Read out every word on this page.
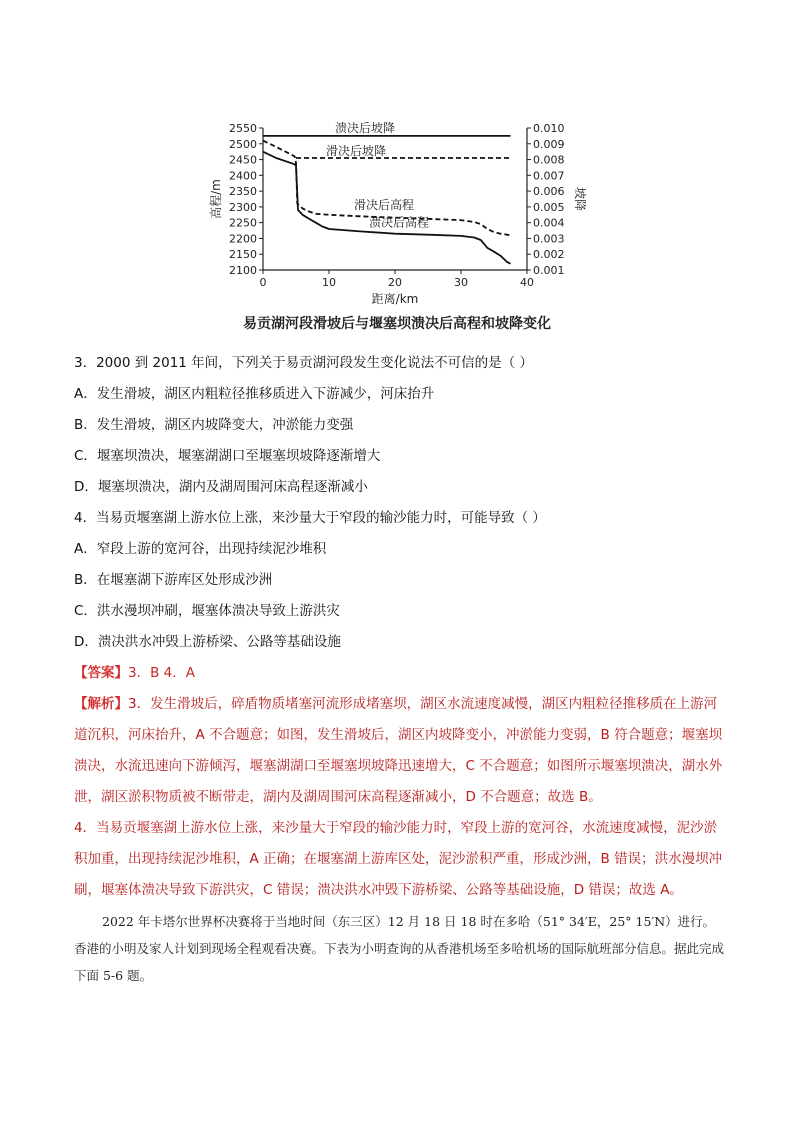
2100
2150
2200
2250
2300
2350
2400
2450
2500
2550
0.001
0.002
0.003
0.004
0.005
0.006
0.007
0.008
0.009
0.010
0	10	20	30	40
距离/km
高程/m	坡降
溃决后坡降
滑决后坡降
滑决后高程
溃决后高程
易贡湖河段滑坡后与堰塞坝溃决后高程和坡降变化
3．2000 到 2011 年间，下列关于易贡湖河段发生变化说法不可信的是（ ）
A．发生滑坡，湖区内粗粒径推移质进入下游减少，河床抬升
B．发生滑坡，湖区内坡降变大，冲淤能力变强
C．堰塞坝溃决，堰塞湖湖口至堰塞坝坡降逐渐增大
D．堰塞坝溃决，湖内及湖周围河床高程逐渐减小
4．当易贡堰塞湖上游水位上涨，来沙量大于窄段的输沙能力时，可能导致（ ）
A．窄段上游的宽河谷，出现持续泥沙堆积
B．在堰塞湖下游库区处形成沙洲
C．洪水漫坝冲刷，堰塞体溃决导致上游洪灾
D．溃决洪水冲毁上游桥梁、公路等基础设施
【答案】3．B 4．A
【解析】3．发生滑坡后，碎盾物质堵塞河流形成堵塞坝，湖区水流速度减慢，湖区内粗粒径推移质在上游河道沉积，河床抬升，A 不合题意；如图，发生滑坡后，湖区内坡降变小，冲淤能力变弱，B 符合题意；堰塞坝溃决，水流迅速向下游倾泻，堰塞湖湖口至堰塞坝坡降迅速增大，C 不合题意；如图所示堰塞坝溃决，湖水外泄，湖区淤积物质被不断带走，湖内及湖周围河床高程逐渐减小，D 不合题意；故选 B。
4．当易贡堰塞湖上游水位上涨，来沙量大于窄段的输沙能力时，窄段上游的宽河谷，水流速度减慢，泥沙淤积加重，出现持续泥沙堆积，A 正确；在堰塞湖上游库区处，泥沙淤积严重，形成沙洲，B 错误；洪水漫坝冲刷，堰塞体溃决导致下游洪灾，C 错误；溃决洪水冲毁下游桥梁、公路等基础设施，D 错误；故选 A。
2022 年卡塔尔世界杯决赛将于当地时间（东三区）12 月 18 日 18 时在多哈（51° 34′E，25° 15′N）进行。香港的小明及家人计划到现场全程观看决赛。下表为小明查询的从香港机场至多哈机场的国际航班部分信息。据此完成下面 5-6 题。
